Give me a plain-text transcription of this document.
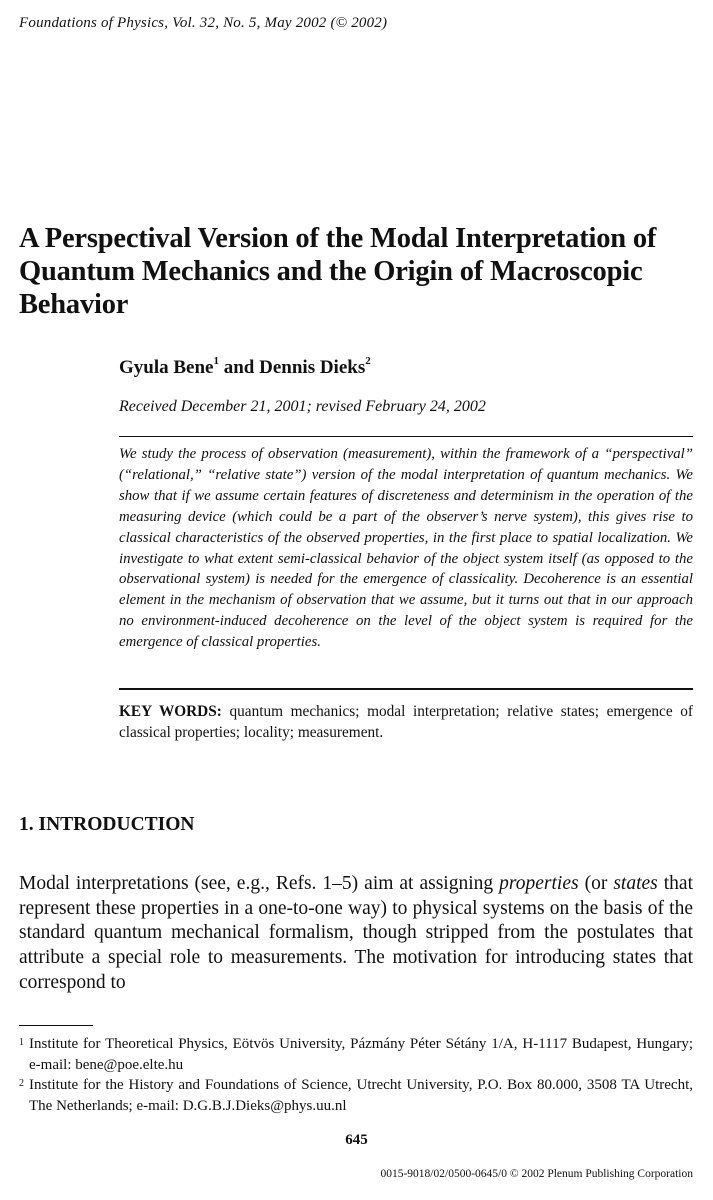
Foundations of Physics, Vol. 32, No. 5, May 2002 (© 2002)
A Perspectival Version of the Modal Interpretation of Quantum Mechanics and the Origin of Macroscopic Behavior
Gyula Bene$^1$ and Dennis Dieks$^2$
Received December 21, 2001; revised February 24, 2002
We study the process of observation (measurement), within the framework of a “perspectival” (“relational,” “relative state”) version of the modal interpretation of quantum mechanics. We show that if we assume certain features of discreteness and determinism in the operation of the measuring device (which could be a part of the observer’s nerve system), this gives rise to classical characteristics of the observed properties, in the first place to spatial localization. We investigate to what extent semi-classical behavior of the object system itself (as opposed to the observational system) is needed for the emergence of classicality. Decoherence is an essential element in the mechanism of observation that we assume, but it turns out that in our approach no environment-induced decoherence on the level of the object system is required for the emergence of classical properties.
KEY WORDS: quantum mechanics; modal interpretation; relative states; emergence of classical properties; locality; measurement.
1. INTRODUCTION
Modal interpretations (see, e.g., Refs. 1–5) aim at assigning properties (or states that represent these properties in a one-to-one way) to physical systems on the basis of the standard quantum mechanical formalism, though stripped from the postulates that attribute a special role to measurements. The motivation for introducing states that correspond to
1 Institute for Theoretical Physics, Eötvös University, Pázmány Péter Sétány 1/A, H-1117 Budapest, Hungary; e-mail: bene@poe.elte.hu
2 Institute for the History and Foundations of Science, Utrecht University, P.O. Box 80.000, 3508 TA Utrecht, The Netherlands; e-mail: D.G.B.J.Dieks@phys.uu.nl
645
0015-9018/02/0500-0645/0 © 2002 Plenum Publishing Corporation
